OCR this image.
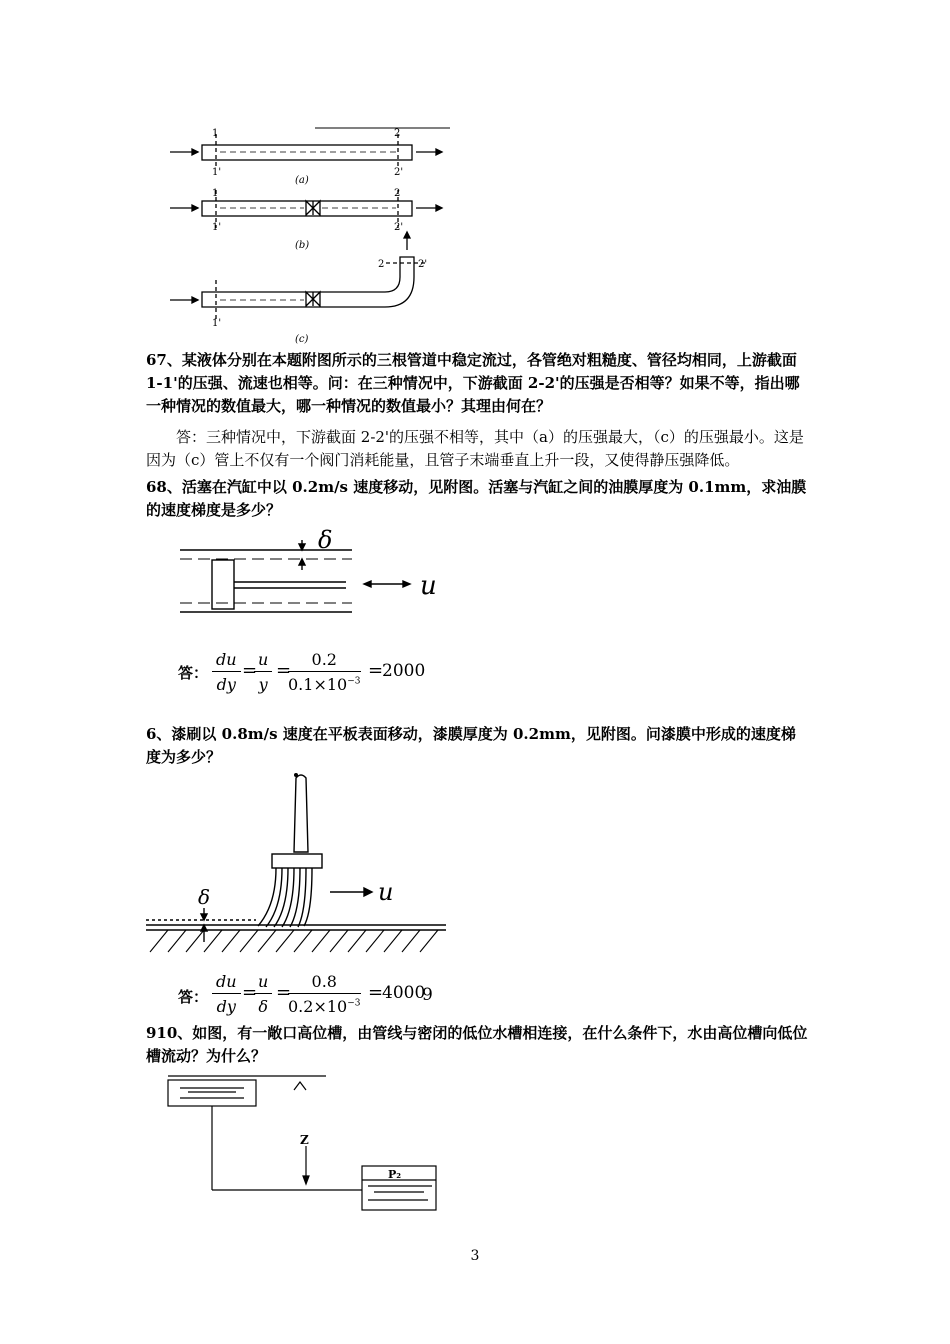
1
1'
2
2'
(a)
1
1'
2
2'
(b)
2	2'
1'
(c)
67、某液体分别在本题附图所示的三根管道中稳定流过，各管绝对粗糙度、管径均相同，上游截面 1-1'的压强、流速也相等。问：在三种情况中，下游截面 2-2'的压强是否相等？如果不等，指出哪一种情况的数值最大，哪一种情况的数值最小？其理由何在？
答：三种情况中，下游截面 2-2'的压强不相等，其中（a）的压强最大，（c）的压强最小。这是因为（c）管上不仅有一个阀门消耗能量，且管子末端垂直上升一段，又使得静压强降低。
68、活塞在汽缸中以 0.2m/s 速度移动，见附图。活塞与汽缸之间的油膜厚度为 0.1mm，求油膜的速度梯度是多少？
δ
u
答： $\frac{du}{dy}$ =
$\frac{u}{y}$ =
$\frac{0.2}{0.1\times 10^{-3}}$ =
2000
6、漆刷以 0.8m/s 速度在平板表面移动，漆膜厚度为 0.2mm，见附图。问漆膜中形成的速度梯度为多少？
δ	u
答： $\frac{du}{dy}$ =
$\frac{u}{\delta}$ =
$\frac{0.8}{0.2\times 10^{-3}}$ =
4000
9
910、如图，有一敞口高位槽，由管线与密闭的低位水槽相连接，在什么条件下，水由高位槽向低位槽流动？为什么？
Z
P₂
3
